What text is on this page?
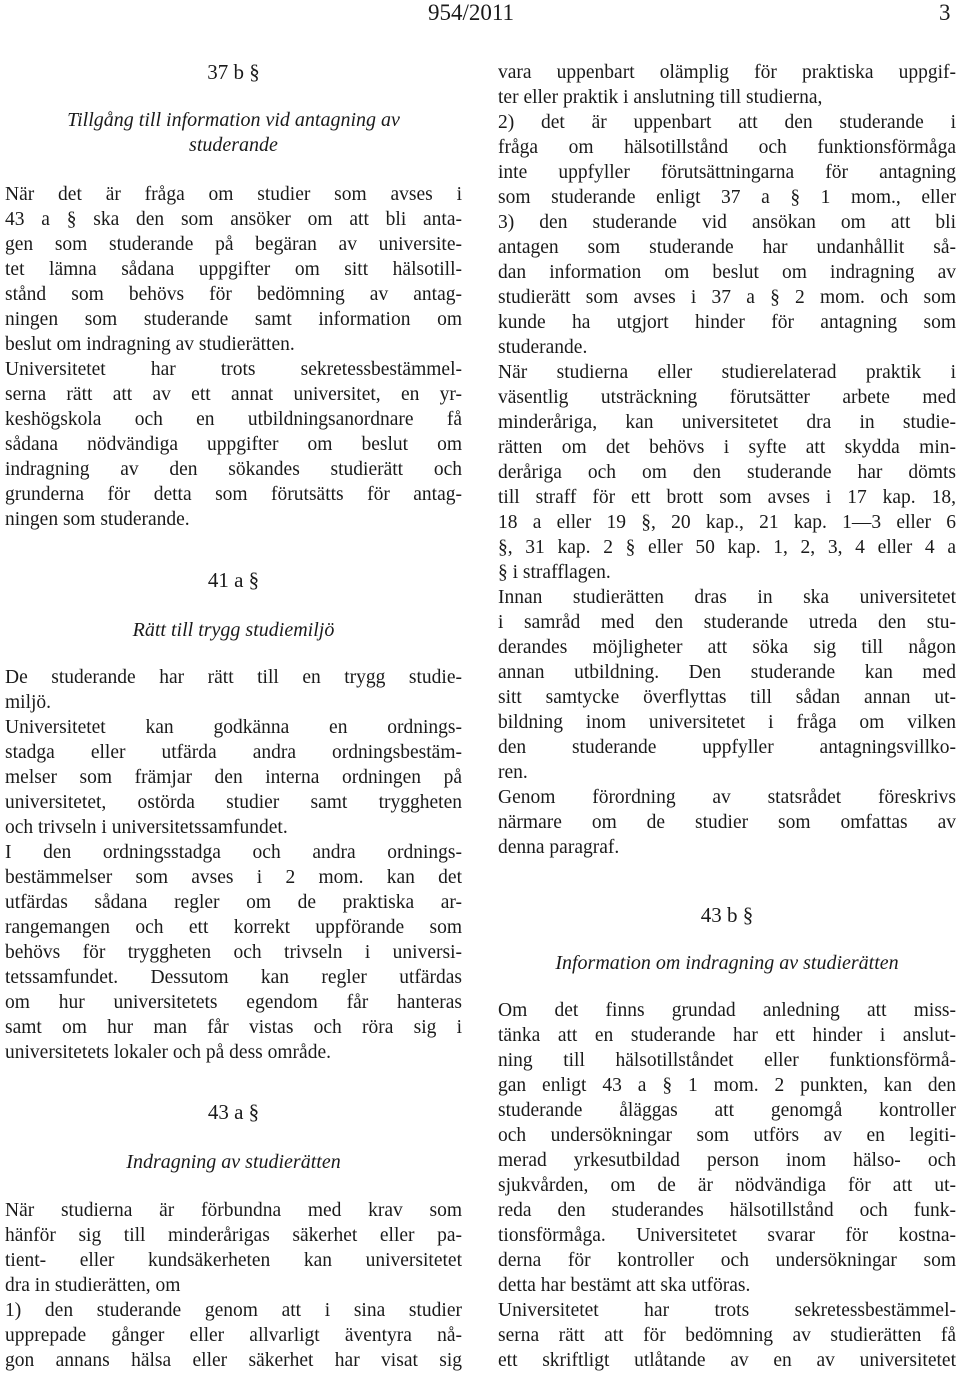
954/2011	3
37 b §
Tillgång till information vid antagning av
studerande
När det är fråga om studier som avses i
43 a § ska den som ansöker om att bli anta-
gen som studerande på begäran av universite-
tet lämna sådana uppgifter om sitt hälsotill-
stånd som behövs för bedömning av antag-
ningen som studerande samt information om
beslut om indragning av studierätten.
Universitetet har trots sekretessbestämmel-
serna rätt att av ett annat universitet, en yr-
keshögskola och en utbildningsanordnare få
sådana nödvändiga uppgifter om beslut om
indragning av den sökandes studierätt och
grunderna för detta som förutsätts för antag-
ningen som studerande.
41 a §
Rätt till trygg studiemiljö
De studerande har rätt till en trygg studie-
miljö.
Universitetet kan godkänna en ordnings-
stadga eller utfärda andra ordningsbestäm-
melser som främjar den interna ordningen på
universitetet, ostörda studier samt tryggheten
och trivseln i universitetssamfundet.
I den ordningsstadga och andra ordnings-
bestämmelser som avses i 2 mom. kan det
utfärdas sådana regler om de praktiska ar-
rangemangen och ett korrekt uppförande som
behövs för tryggheten och trivseln i universi-
tetssamfundet. Dessutom kan regler utfärdas
om hur universitetets egendom får hanteras
samt om hur man får vistas och röra sig i
universitetets lokaler och på dess område.
43 a §
Indragning av studierätten
När studierna är förbundna med krav som
hänför sig till minderårigas säkerhet eller pa-
tient- eller kundsäkerheten kan universitetet
dra in studierätten, om
1) den studerande genom att i sina studier
upprepade gånger eller allvarligt äventyra nå-
gon annans hälsa eller säkerhet har visat sig
vara uppenbart olämplig för praktiska uppgif-
ter eller praktik i anslutning till studierna,
2) det är uppenbart att den studerande i
fråga om hälsotillstånd och funktionsförmåga
inte uppfyller förutsättningarna för antagning
som studerande enligt 37 a § 1 mom., eller
3) den studerande vid ansökan om att bli
antagen som studerande har undanhållit så-
dan information om beslut om indragning av
studierätt som avses i 37 a § 2 mom. och som
kunde ha utgjort hinder för antagning som
studerande.
När studierna eller studierelaterad praktik i
väsentlig utsträckning förutsätter arbete med
minderåriga, kan universitetet dra in studie-
rätten om det behövs i syfte att skydda min-
deråriga och om den studerande har dömts
till straff för ett brott som avses i 17 kap. 18,
18 a eller 19 §, 20 kap., 21 kap. 1—3 eller 6
§, 31 kap. 2 § eller 50 kap. 1, 2, 3, 4 eller 4 a
§ i strafflagen.
Innan studierätten dras in ska universitetet
i samråd med den studerande utreda den stu-
derandes möjligheter att söka sig till någon
annan utbildning. Den studerande kan med
sitt samtycke överflyttas till sådan annan ut-
bildning inom universitetet i fråga om vilken
den studerande uppfyller antagningsvillko-
ren.
Genom förordning av statsrådet föreskrivs
närmare om de studier som omfattas av
denna paragraf.
43 b §
Information om indragning av studierätten
Om det finns grundad anledning att miss-
tänka att en studerande har ett hinder i anslut-
ning till hälsotillståndet eller funktionsförmå-
gan enligt 43 a § 1 mom. 2 punkten, kan den
studerande åläggas att genomgå kontroller
och undersökningar som utförs av en legiti-
merad yrkesutbildad person inom hälso- och
sjukvården, om de är nödvändiga för att ut-
reda den studerandes hälsotillstånd och funk-
tionsförmåga. Universitetet svarar för kostna-
derna för kontroller och undersökningar som
detta har bestämt att ska utföras.
Universitetet har trots sekretessbestämmel-
serna rätt att för bedömning av studierätten få
ett skriftligt utlåtande av en av universitetet
